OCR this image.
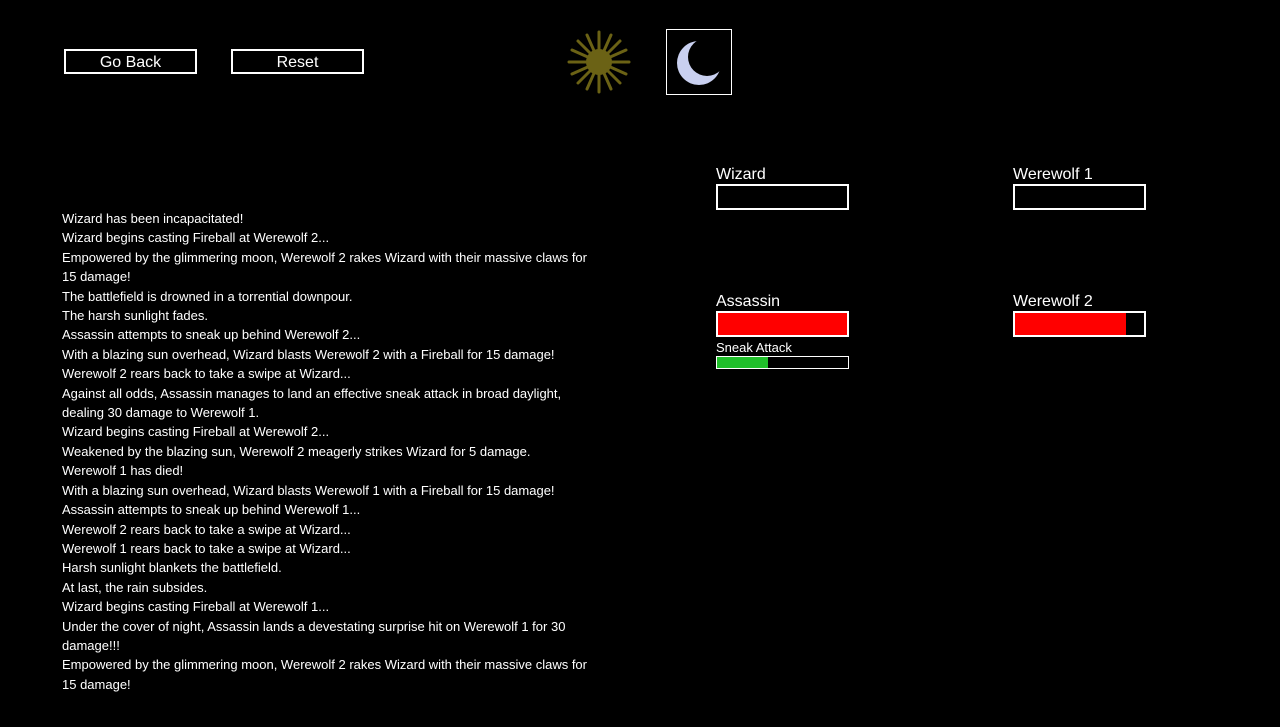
Go Back	Reset
Wizard has been incapacitated!
Wizard begins casting Fireball at Werewolf 2...
Empowered by the glimmering moon, Werewolf 2 rakes Wizard with their massive claws for 15 damage!
The battlefield is drowned in a torrential downpour.
The harsh sunlight fades.
Assassin attempts to sneak up behind Werewolf 2...
With a blazing sun overhead, Wizard blasts Werewolf 2 with a Fireball for 15 damage!
Werewolf 2 rears back to take a swipe at Wizard...
Against all odds, Assassin manages to land an effective sneak attack in broad daylight, dealing 30 damage to Werewolf 1.
Wizard begins casting Fireball at Werewolf 2...
Weakened by the blazing sun, Werewolf 2 meagerly strikes Wizard for 5 damage.
Werewolf 1 has died!
With a blazing sun overhead, Wizard blasts Werewolf 1 with a Fireball for 15 damage!
Assassin attempts to sneak up behind Werewolf 1...
Werewolf 2 rears back to take a swipe at Wizard...
Werewolf 1 rears back to take a swipe at Wizard...
Harsh sunlight blankets the battlefield.
At last, the rain subsides.
Wizard begins casting Fireball at Werewolf 1...
Under the cover of night, Assassin lands a devestating surprise hit on Werewolf 1 for 30 damage!!!
Empowered by the glimmering moon, Werewolf 2 rakes Wizard with their massive claws for 15 damage!
Wizard	Werewolf 1
Assassin
Sneak Attack
Werewolf 2
